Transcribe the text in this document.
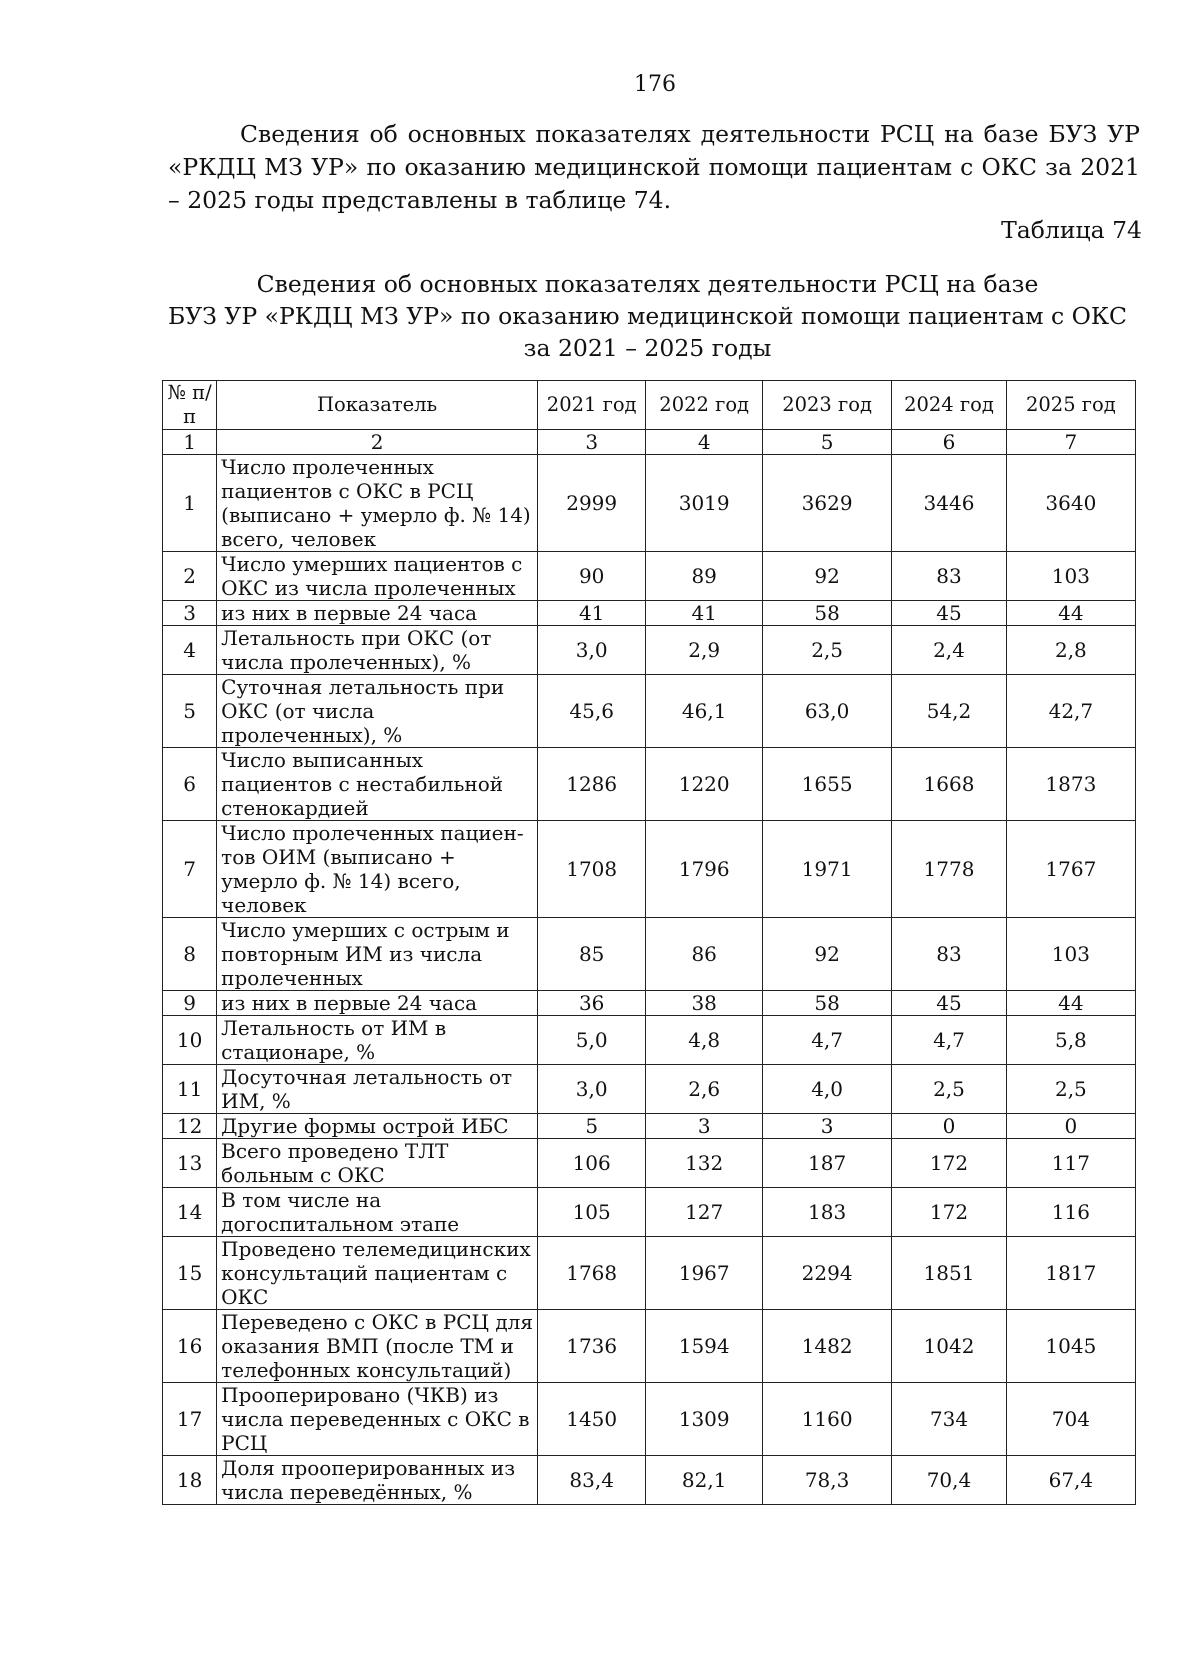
176

Сведения об основных показателях деятельности РСЦ на базе БУЗ УР «РКДЦ МЗ УР» по оказанию медицинской помощи пациентам с ОКС за 2021 – 2025 годы представлены в таблице 74.

Таблица 74
Сведения об основных показателях деятельности РСЦ на базе
БУЗ УР «РКДЦ МЗ УР» по оказанию медицинской помощи пациентам с ОКС
за 2021 – 2025 годы
№ п/п	Показатель	2021 год	2022 год	2023 год	2024 год	2025 год
1	2	3	4	5	6	7
1	Число пролеченных пациентов с ОКС в РСЦ (выписано + умерло ф. № 14) всего, человек	2999	3019	3629	3446	3640
2	Число умерших пациентов с ОКС из числа пролеченных	90	89	92	83	103
3	из них в первые 24 часа	41	41	58	45	44
4	Летальность при ОКС (от числа пролеченных), %	3,0	2,9	2,5	2,4	2,8
5	Суточная летальность при ОКС (от числа пролеченных), %	45,6	46,1	63,0	54,2	42,7
6	Число выписанных пациентов с нестабильной стенокардией	1286	1220	1655	1668	1873
7	Число пролеченных пациен-тов ОИМ (выписано + умерло ф. № 14) всего, человек	1708	1796	1971	1778	1767
8	Число умерших с острым и повторным ИМ из числа пролеченных	85	86	92	83	103
9	из них в первые 24 часа	36	38	58	45	44
10	Летальность от ИМ в стационаре, %	5,0	4,8	4,7	4,7	5,8
11	Досуточная летальность от ИМ, %	3,0	2,6	4,0	2,5	2,5
12	Другие формы острой ИБС	5	3	3	0	0
13	Всего проведено ТЛТ больным с ОКС	106	132	187	172	117
14	В том числе на догоспитальном этапе	105	127	183	172	116
15	Проведено телемедицинских консультаций пациентам с ОКС	1768	1967	2294	1851	1817
16	Переведено с ОКС в РСЦ для оказания ВМП (после ТМ и телефонных консультаций)	1736	1594	1482	1042	1045
17	Прооперировано (ЧКВ) из числа переведенных с ОКС в РСЦ	1450	1309	1160	734	704
18	Доля прооперированных из числа переведённых, %	83,4	82,1	78,3	70,4	67,4
